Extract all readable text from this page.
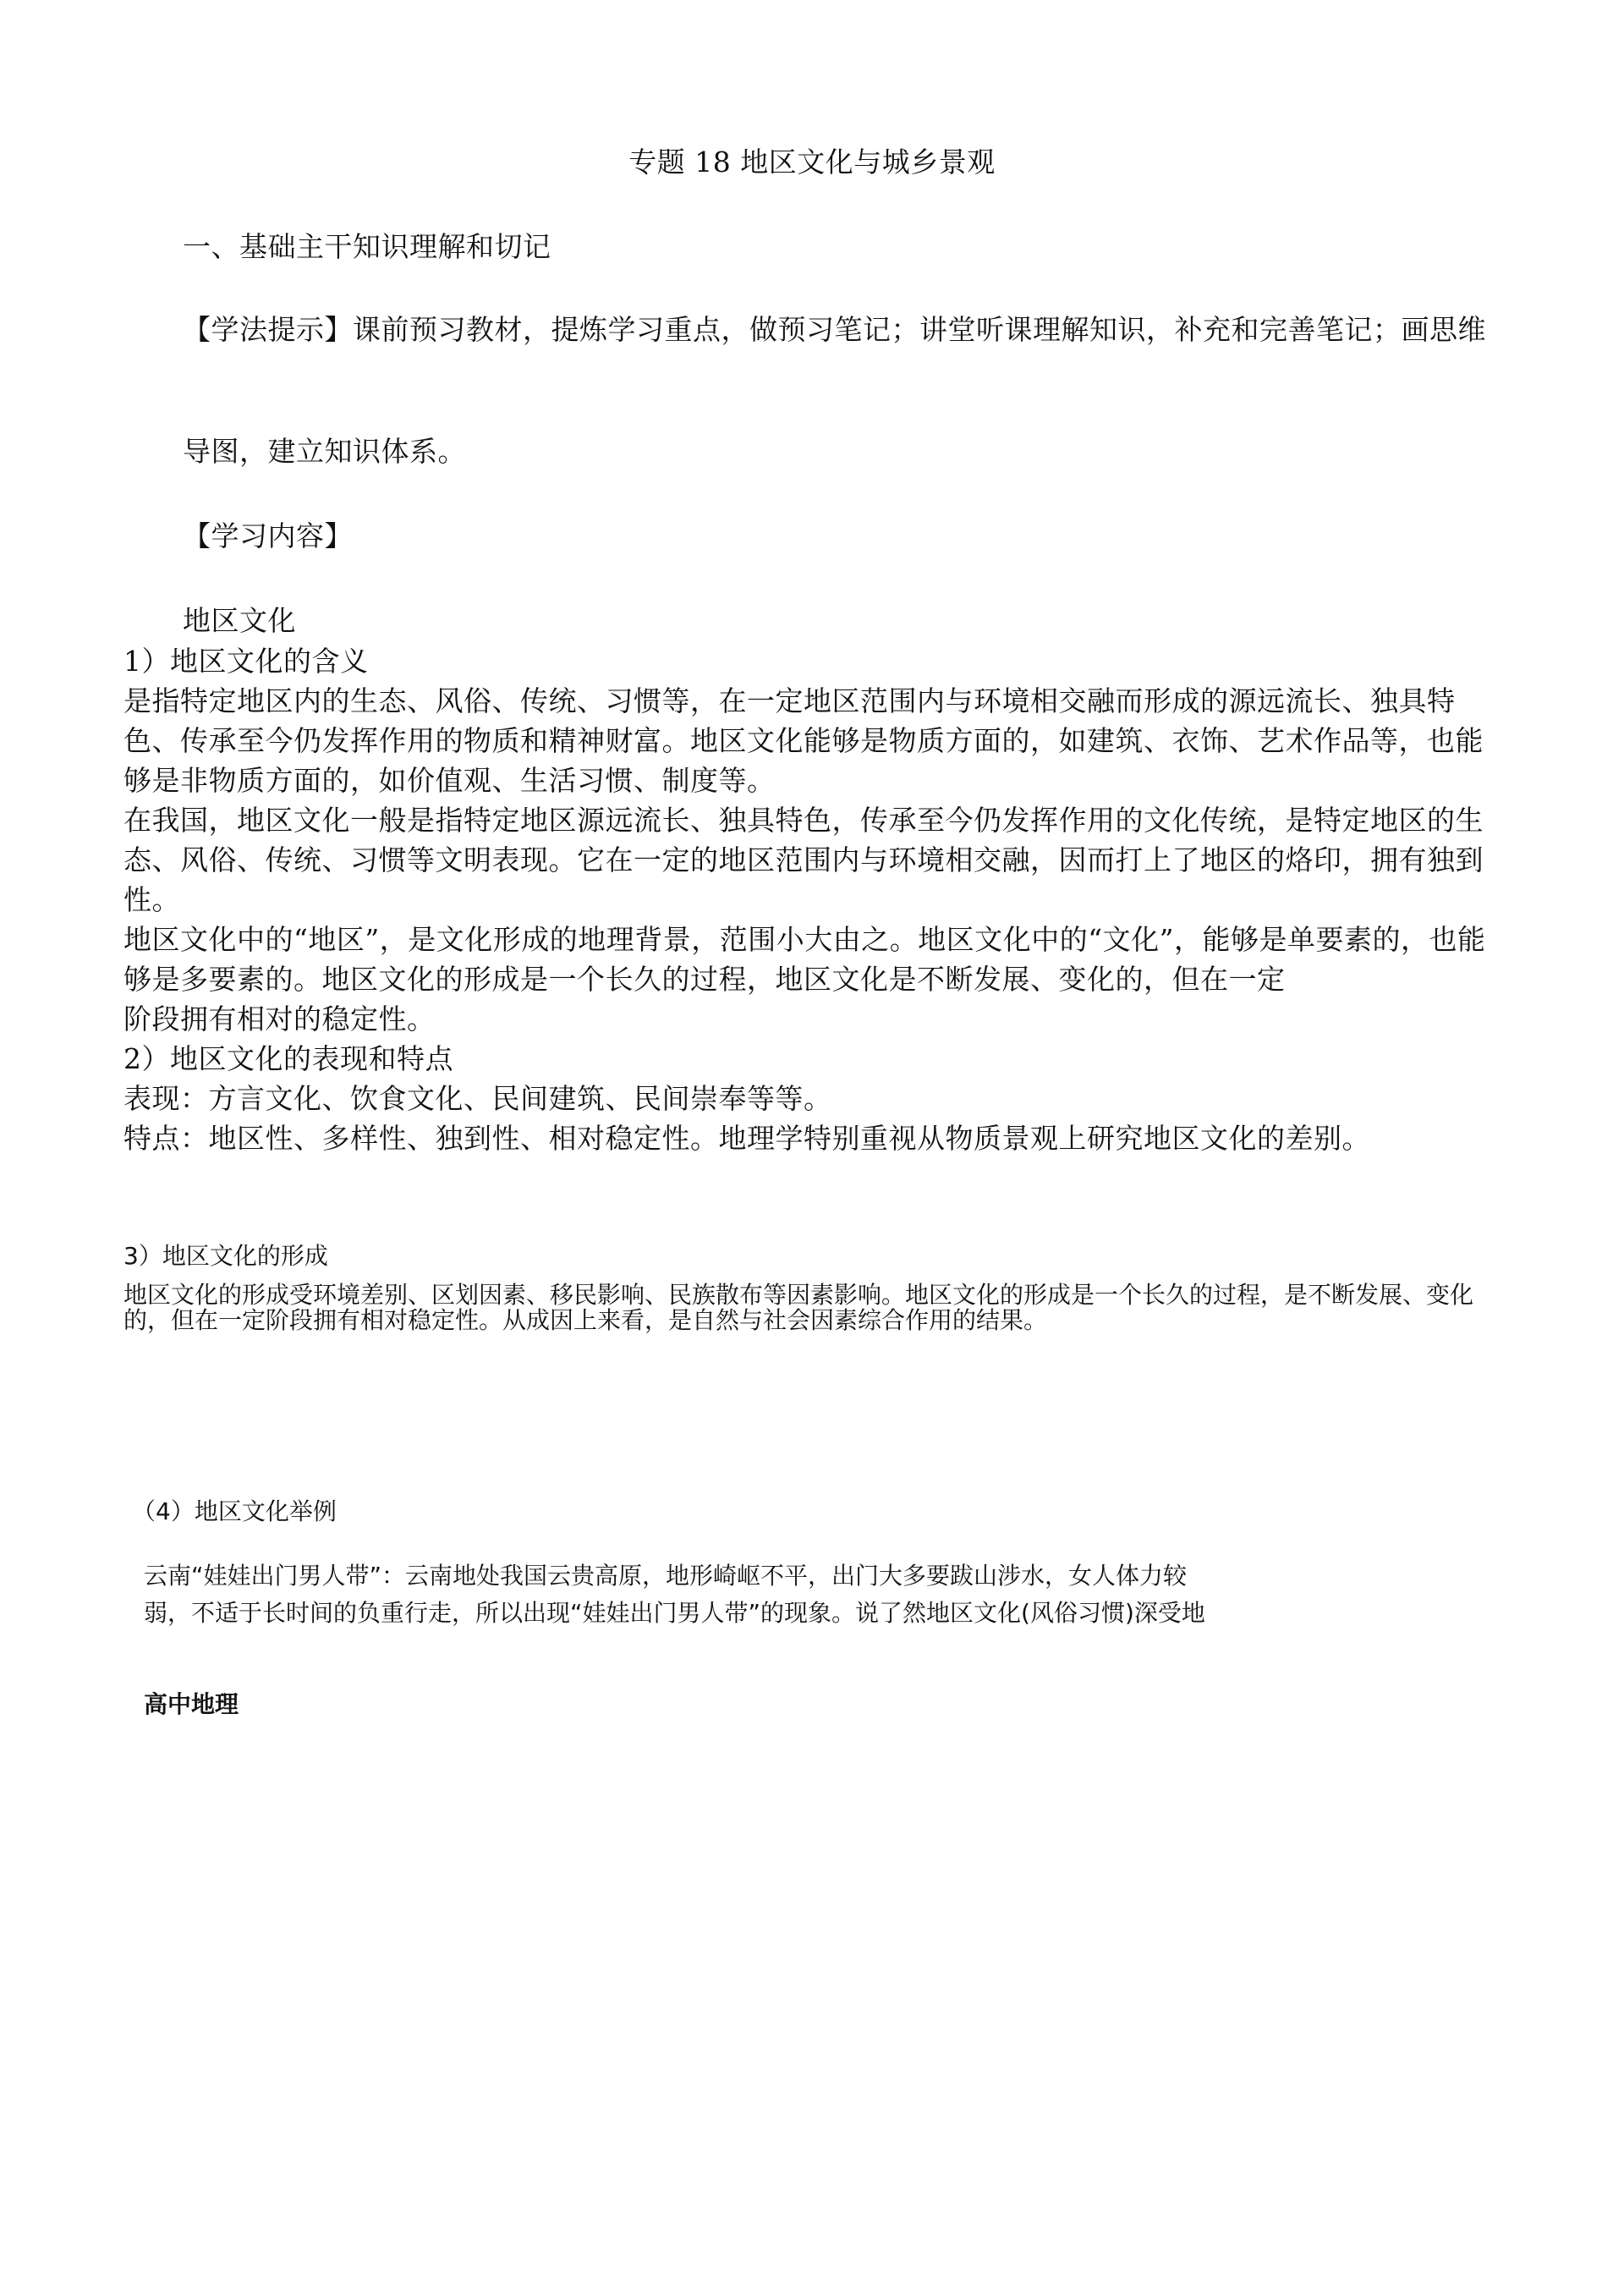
专题 18 地区文化与城乡景观

一、基础主干知识理解和切记

【学法提示】课前预习教材，提炼学习重点，做预习笔记；讲堂听课理解知识，补充和完善笔记；画思维

导图，建立知识体系。

【学习内容】

地区文化

1）地区文化的含义

是指特定地区内的生态、风俗、传统、习惯等，在一定地区范围内与环境相交融而形成的源远流长、独具特色、传承至今仍发挥作用的物质和精神财富。地区文化能够是物质方面的，如建筑、衣饰、艺术作品等，也能够是非物质方面的，如价值观、生活习惯、制度等。

在我国，地区文化一般是指特定地区源远流长、独具特色，传承至今仍发挥作用的文化传统，是特定地区的生态、风俗、传统、习惯等文明表现。它在一定的地区范围内与环境相交融，因而打上了地区的烙印，拥有独到性。

地区文化中的“地区”，是文化形成的地理背景，范围小大由之。地区文化中的“文化”，能够是单要素的，也能够是多要素的。地区文化的形成是一个长久的过程，地区文化是不断发展、变化的，但在一定

阶段拥有相对的稳定性。

2）地区文化的表现和特点

表现：方言文化、饮食文化、民间建筑、民间崇奉等等。

特点：地区性、多样性、独到性、相对稳定性。地理学特别重视从物质景观上研究地区文化的差别。

3）地区文化的形成

地区文化的形成受环境差别、区划因素、移民影响、民族散布等因素影响。地区文化的形成是一个长久的过程，是不断发展、变化的，但在一定阶段拥有相对稳定性。从成因上来看，是自然与社会因素综合作用的结果。

（4）地区文化举例

云南“娃娃出门男人带”：云南地处我国云贵高原，地形崎岖不平，出门大多要跋山涉水，女人体力较

弱，不适于长时间的负重行走，所以出现“娃娃出门男人带”的现象。说了然地区文化(风俗习惯)深受地

高中地理
